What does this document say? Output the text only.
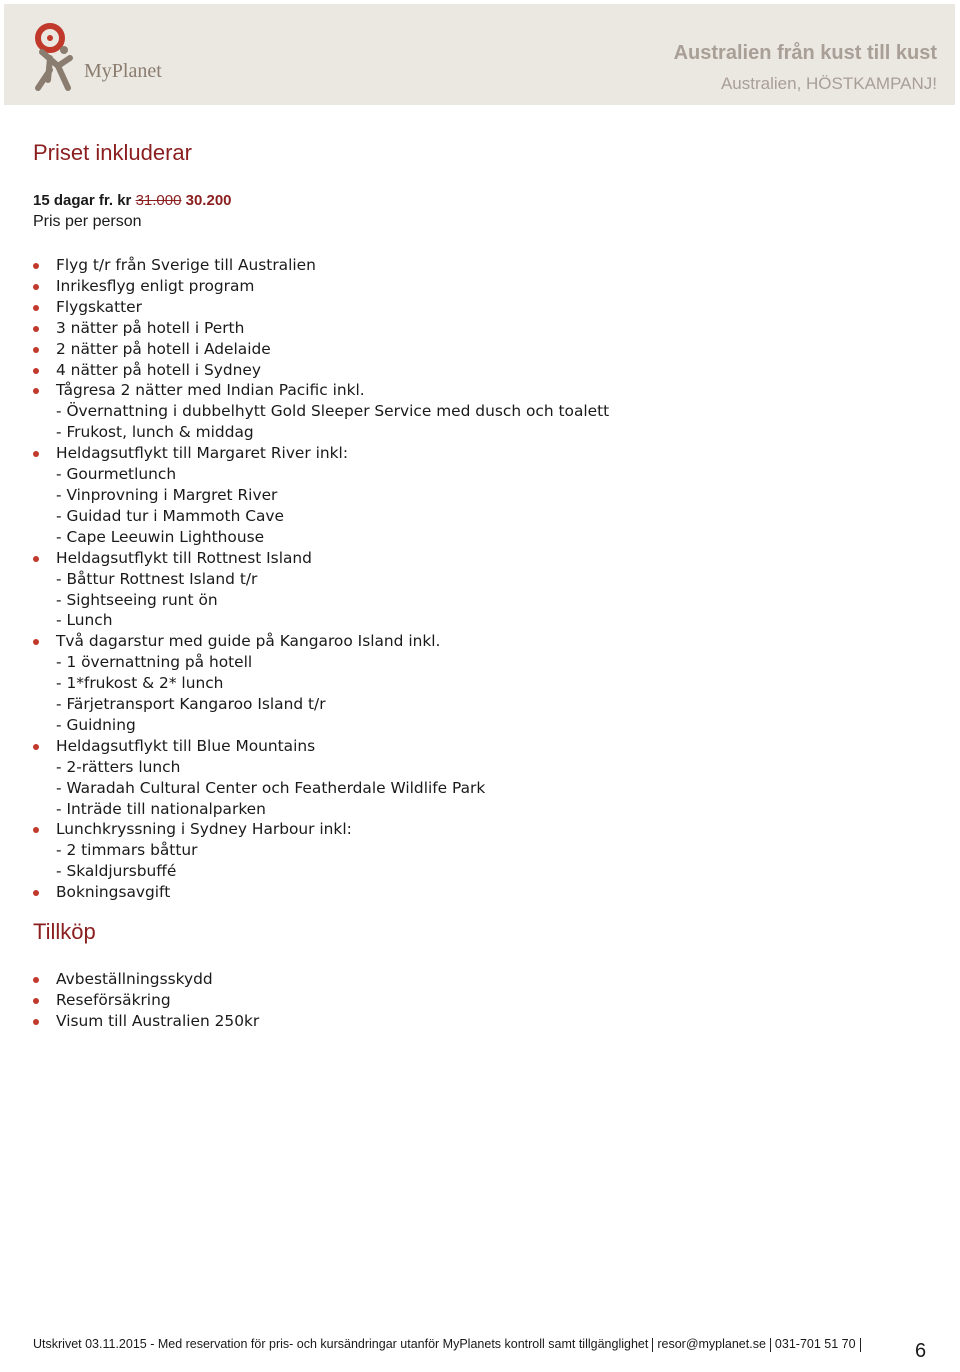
MyPlanet
Australien från kust till kust
Australien, HÖSTKAMPANJ!
Priset inkluderar
15 dagar fr. kr 31.000 30.200
Pris per person
Flyg t/r från Sverige till Australien
Inrikesflyg enligt program
Flygskatter
3 nätter på hotell i Perth
2 nätter på hotell i Adelaide
4 nätter på hotell i Sydney
Tågresa 2 nätter med Indian Pacific inkl.
- Övernattning i dubbelhytt Gold Sleeper Service med dusch och toalett
- Frukost, lunch & middag
Heldagsutflykt till Margaret River inkl:
- Gourmetlunch
- Vinprovning i Margret River
- Guidad tur i Mammoth Cave
- Cape Leeuwin Lighthouse
Heldagsutflykt till Rottnest Island
- Båttur Rottnest Island t/r
- Sightseeing runt ön
- Lunch
Två dagarstur med guide på Kangaroo Island inkl.
- 1 övernattning på hotell
- 1*frukost & 2* lunch
- Färjetransport Kangaroo Island t/r
- Guidning
Heldagsutflykt till Blue Mountains
- 2-rätters lunch
- Waradah Cultural Center och Featherdale Wildlife Park
- Inträde till nationalparken
Lunchkryssning i Sydney Harbour inkl:
- 2 timmars båttur
- Skaldjursbuffé
Bokningsavgift
Tillköp
Avbeställningsskydd
Reseförsäkring
Visum till Australien 250kr
Utskrivet 03.11.2015 - Med reservation för pris- och kursändringar utanför MyPlanets kontroll samt tillgänglighet resor@myplanet.se 031-701 51 70	6
